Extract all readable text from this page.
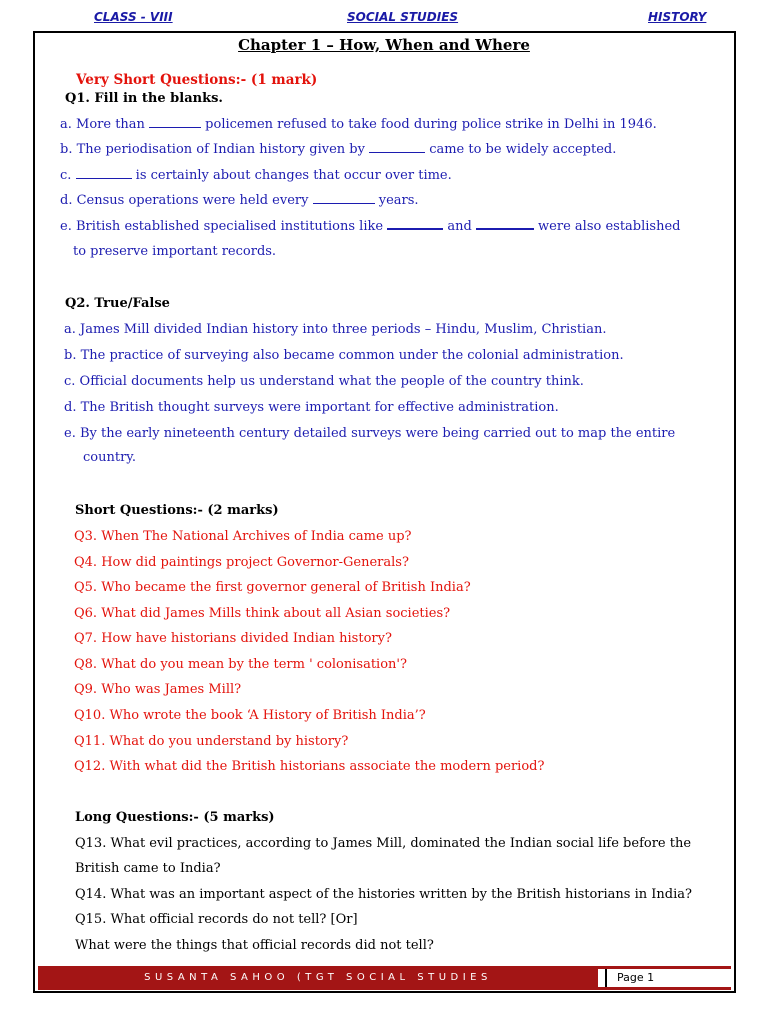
CLASS - VIII	SOCIAL STUDIES	HISTORY
Chapter 1 – How, When and Where
Very Short Questions:- (1 mark)
Q1. Fill in the blanks.
a. More than	policemen refused to take food during police strike in Delhi in 1946.
b. The periodisation of Indian history given by	came to be widely accepted.
c.	is certainly about changes that occur over time.
d. Census operations were held every	years.
e. British established specialised institutions like	and	were also established
to preserve important records.
Q2. True/False
a. James Mill divided Indian history into three periods – Hindu, Muslim, Christian.
b. The practice of surveying also became common under the colonial administration.
c. Official documents help us understand what the people of the country think.
d. The British thought surveys were important for effective administration.
e. By the early nineteenth century detailed surveys were being carried out to map the entire
country.
Short Questions:- (2 marks)
Q3. When The National Archives of India came up?
Q4. How did paintings project Governor-Generals?
Q5. Who became the first governor general of British India?
Q6. What did James Mills think about all Asian societies?
Q7. How have historians divided Indian history?
Q8. What do you mean by the term ' colonisation'?
Q9. Who was James Mill?
Q10. Who wrote the book ‘A History of British India’?
Q11. What do you understand by history?
Q12. With what did the British historians associate the modern period?
Long Questions:- (5 marks)
Q13. What evil practices, according to James Mill, dominated the Indian social life before the
British came to India?
Q14. What was an important aspect of the histories written by the British historians in India?
Q15. What official records do not tell? [Or]
What were the things that official records did not tell?
SUSANTA SAHOO (TGT SOCIAL STUDIES	Page 1
